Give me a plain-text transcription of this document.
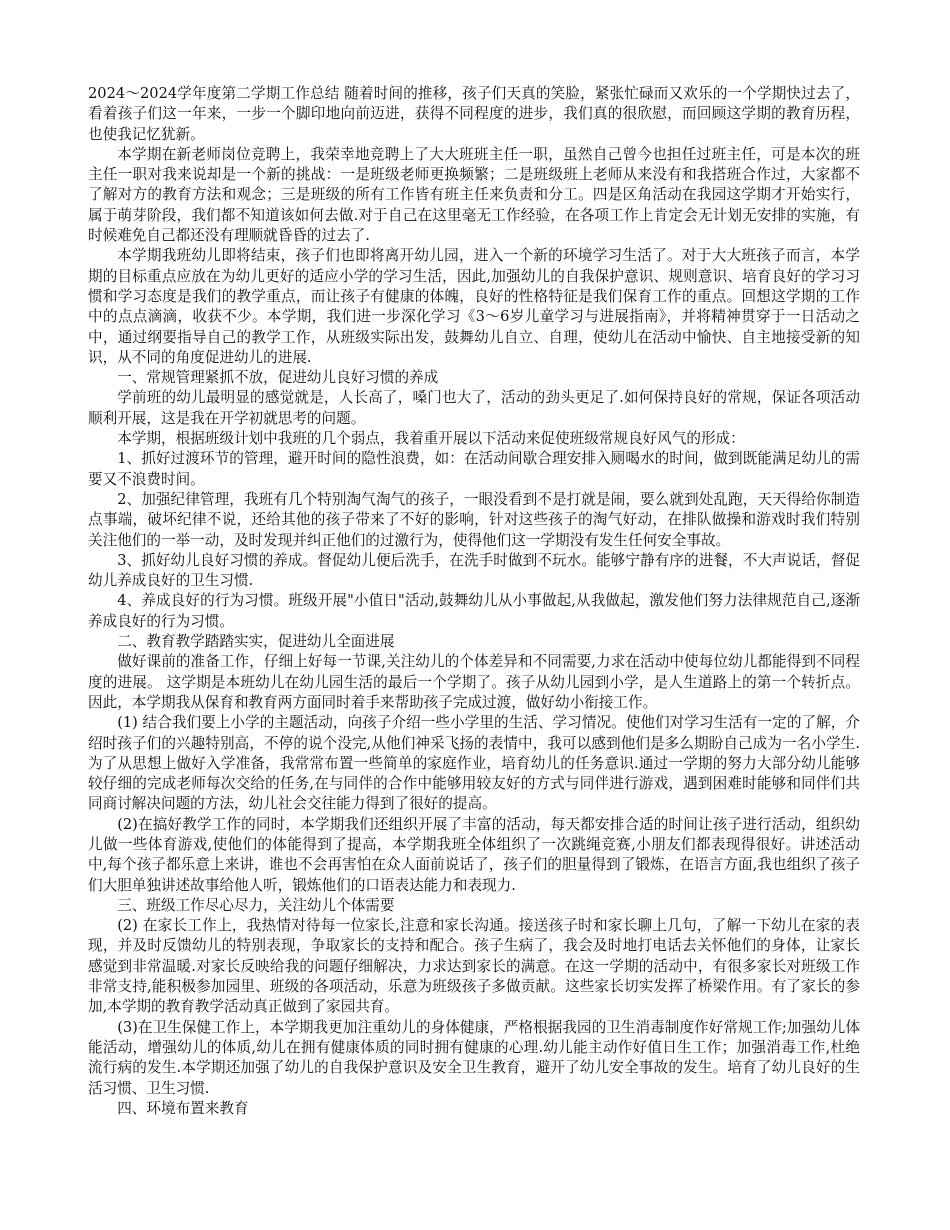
2024～2024学年度第二学期工作总结 随着时间的推移，孩子们天真的笑脸，紧张忙碌而又欢乐的一个学期快过去了，看着孩子们这一年来，一步一个脚印地向前迈进，获得不同程度的进步，我们真的很欣慰，而回顾这学期的教育历程，也使我记忆犹新。

本学期在新老师岗位竞聘上，我荣幸地竞聘上了大大班班主任一职，虽然自己曾今也担任过班主任，可是本次的班主任一职对我来说却是一个新的挑战：一是班级老师更换频繁；二是班级班上老师从来没有和我搭班合作过，大家都不了解对方的教育方法和观念；三是班级的所有工作皆有班主任来负责和分工。四是区角活动在我园这学期才开始实行，属于萌芽阶段，我们都不知道该如何去做.对于自己在这里毫无工作经验，在各项工作上肯定会无计划无安排的实施，有时候难免自己都还没有理顺就昏昏的过去了.

本学期我班幼儿即将结束，孩子们也即将离开幼儿园，进入一个新的环境学习生活了。对于大大班孩子而言，本学期的目标重点应放在为幼儿更好的适应小学的学习生活，因此,加强幼儿的自我保护意识、规则意识、培育良好的学习习惯和学习态度是我们的教学重点，而让孩子有健康的体魄，良好的性格特征是我们保育工作的重点。回想这学期的工作中的点点滴滴，收获不少。本学期，我们进一步深化学习《3～6岁儿童学习与进展指南》，并将精神贯穿于一日活动之中，通过纲要指导自己的教学工作，从班级实际出发，鼓舞幼儿自立、自理，使幼儿在活动中愉快、自主地接受新的知识，从不同的角度促进幼儿的进展.

一、常规管理紧抓不放，促进幼儿良好习惯的养成

学前班的幼儿最明显的感觉就是，人长高了，嗓门也大了，活动的劲头更足了.如何保持良好的常规，保证各项活动顺利开展，这是我在开学初就思考的问题。

本学期，根据班级计划中我班的几个弱点，我着重开展以下活动来促使班级常规良好风气的形成：

1、抓好过渡环节的管理，避开时间的隐性浪费，如：在活动间歇合理安排入厕喝水的时间，做到既能满足幼儿的需要又不浪费时间。

2、加强纪律管理，我班有几个特别淘气淘气的孩子，一眼没看到不是打就是闹，要么就到处乱跑，天天得给你制造点事端，破坏纪律不说，还给其他的孩子带来了不好的影响，针对这些孩子的淘气好动，在排队做操和游戏时我们特别关注他们的一举一动，及时发现并纠正他们的过激行为，使得他们这一学期没有发生任何安全事故。

3、抓好幼儿良好习惯的养成。督促幼儿便后洗手，在洗手时做到不玩水。能够宁静有序的进餐，不大声说话，督促幼儿养成良好的卫生习惯.

4、养成良好的行为习惯。班级开展"小值日"活动,鼓舞幼儿从小事做起,从我做起，激发他们努力法律规范自己,逐渐养成良好的行为习惯。

二、教育教学踏踏实实，促进幼儿全面进展

做好课前的准备工作，仔细上好每一节课,关注幼儿的个体差异和不同需要,力求在活动中使每位幼儿都能得到不同程度的进展。 这学期是本班幼儿在幼儿园生活的最后一个学期了。孩子从幼儿园到小学，是人生道路上的第一个转折点。因此，本学期我从保育和教育两方面同时着手来帮助孩子完成过渡，做好幼小衔接工作。

(1) 结合我们要上小学的主题活动，向孩子介绍一些小学里的生活、学习情况。使他们对学习生活有一定的了解，介绍时孩子们的兴趣特别高，不停的说个没完,从他们神采飞扬的表情中，我可以感到他们是多么期盼自己成为一名小学生.为了从思想上做好入学准备，我常常布置一些简单的家庭作业，培育幼儿的任务意识.通过一学期的努力大部分幼儿能够较仔细的完成老师每次交给的任务,在与同伴的合作中能够用较友好的方式与同伴进行游戏，遇到困难时能够和同伴们共同商讨解决问题的方法，幼儿社会交往能力得到了很好的提高。

(2)在搞好教学工作的同时，本学期我们还组织开展了丰富的活动，每天都安排合适的时间让孩子进行活动，组织幼儿做一些体育游戏,使他们的体能得到了提高，本学期我班全体组织了一次跳绳竞赛,小朋友们都表现得很好。讲述活动中,每个孩子都乐意上来讲，谁也不会再害怕在众人面前说话了，孩子们的胆量得到了锻炼，在语言方面,我也组织了孩子们大胆单独讲述故事给他人听，锻炼他们的口语表达能力和表现力.

三、班级工作尽心尽力，关注幼儿个体需要

(2) 在家长工作上，我热情对待每一位家长,注意和家长沟通。接送孩子时和家长聊上几句，了解一下幼儿在家的表现，并及时反馈幼儿的特别表现，争取家长的支持和配合。孩子生病了，我会及时地打电话去关怀他们的身体，让家长感觉到非常温暖.对家长反映给我的问题仔细解决，力求达到家长的满意。在这一学期的活动中，有很多家长对班级工作非常支持,能积极参加园里、班级的各项活动，乐意为班级孩子多做贡献。这些家长切实发挥了桥梁作用。有了家长的参加,本学期的教育教学活动真正做到了家园共育。

(3)在卫生保健工作上，本学期我更加注重幼儿的身体健康，严格根据我园的卫生消毒制度作好常规工作;加强幼儿体能活动，增强幼儿的体质,幼儿在拥有健康体质的同时拥有健康的心理.幼儿能主动作好值日生工作；加强消毒工作,杜绝流行病的发生.本学期还加强了幼儿的自我保护意识及安全卫生教育，避开了幼儿安全事故的发生。培育了幼儿良好的生活习惯、卫生习惯.

四、环境布置来教育
